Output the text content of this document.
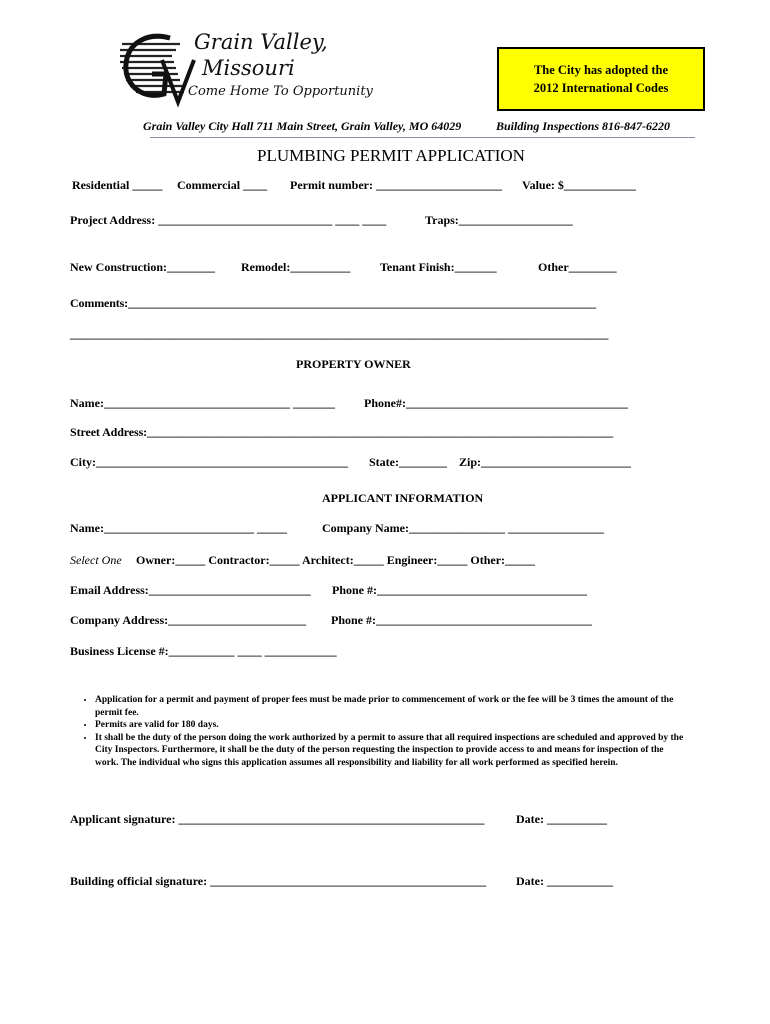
Grain Valley,
Missouri
Come Home To Opportunity
The City has adopted the
2012 International Codes
Grain Valley City Hall 711 Main Street, Grain Valley, MO 64029	Building Inspections 816-847-6220
PLUMBING PERMIT APPLICATION
Residential _____ Commercial ____ Permit number: _____________________ Value: $____________
Project Address: _____________________________ ____ ____	Traps:___________________
New Construction:________ Remodel:__________ Tenant Finish:_______	Other________
Comments:________________________________________________________________________________
____________________________________________________________________________________________
PROPERTY OWNER
Name:_______________________________ _______ Phone#:_____________________________________
Street Address:_______________________________________________________________________________
City:__________________________________________ State:________ Zip:_________________________
APPLICANT INFORMATION
Name:_________________________ _____	Company Name:________________ ________________
Select One Owner:_____ Contractor:_____ Architect:_____ Engineer:_____ Other:_____
Email Address:___________________________ Phone #:___________________________________
Company Address:_______________________ Phone #:____________________________________
Business License #:___________ ____ ____________
• Application for a permit and payment of proper fees must be made prior to commencement of work or the fee will be 3 times the amount of the permit fee.
• Permits are valid for 180 days.
• It shall be the duty of the person doing the work authorized by a permit to assure that all required inspections are scheduled and approved by the City Inspectors. Furthermore, it shall be the duty of the person requesting the inspection to provide access to and means for inspection of the work. The individual who signs this application assumes all responsibility and liability for all work performed as specified herein.
Applicant signature: ___________________________________________________	Date: __________
Building official signature: ______________________________________________ Date: ___________
